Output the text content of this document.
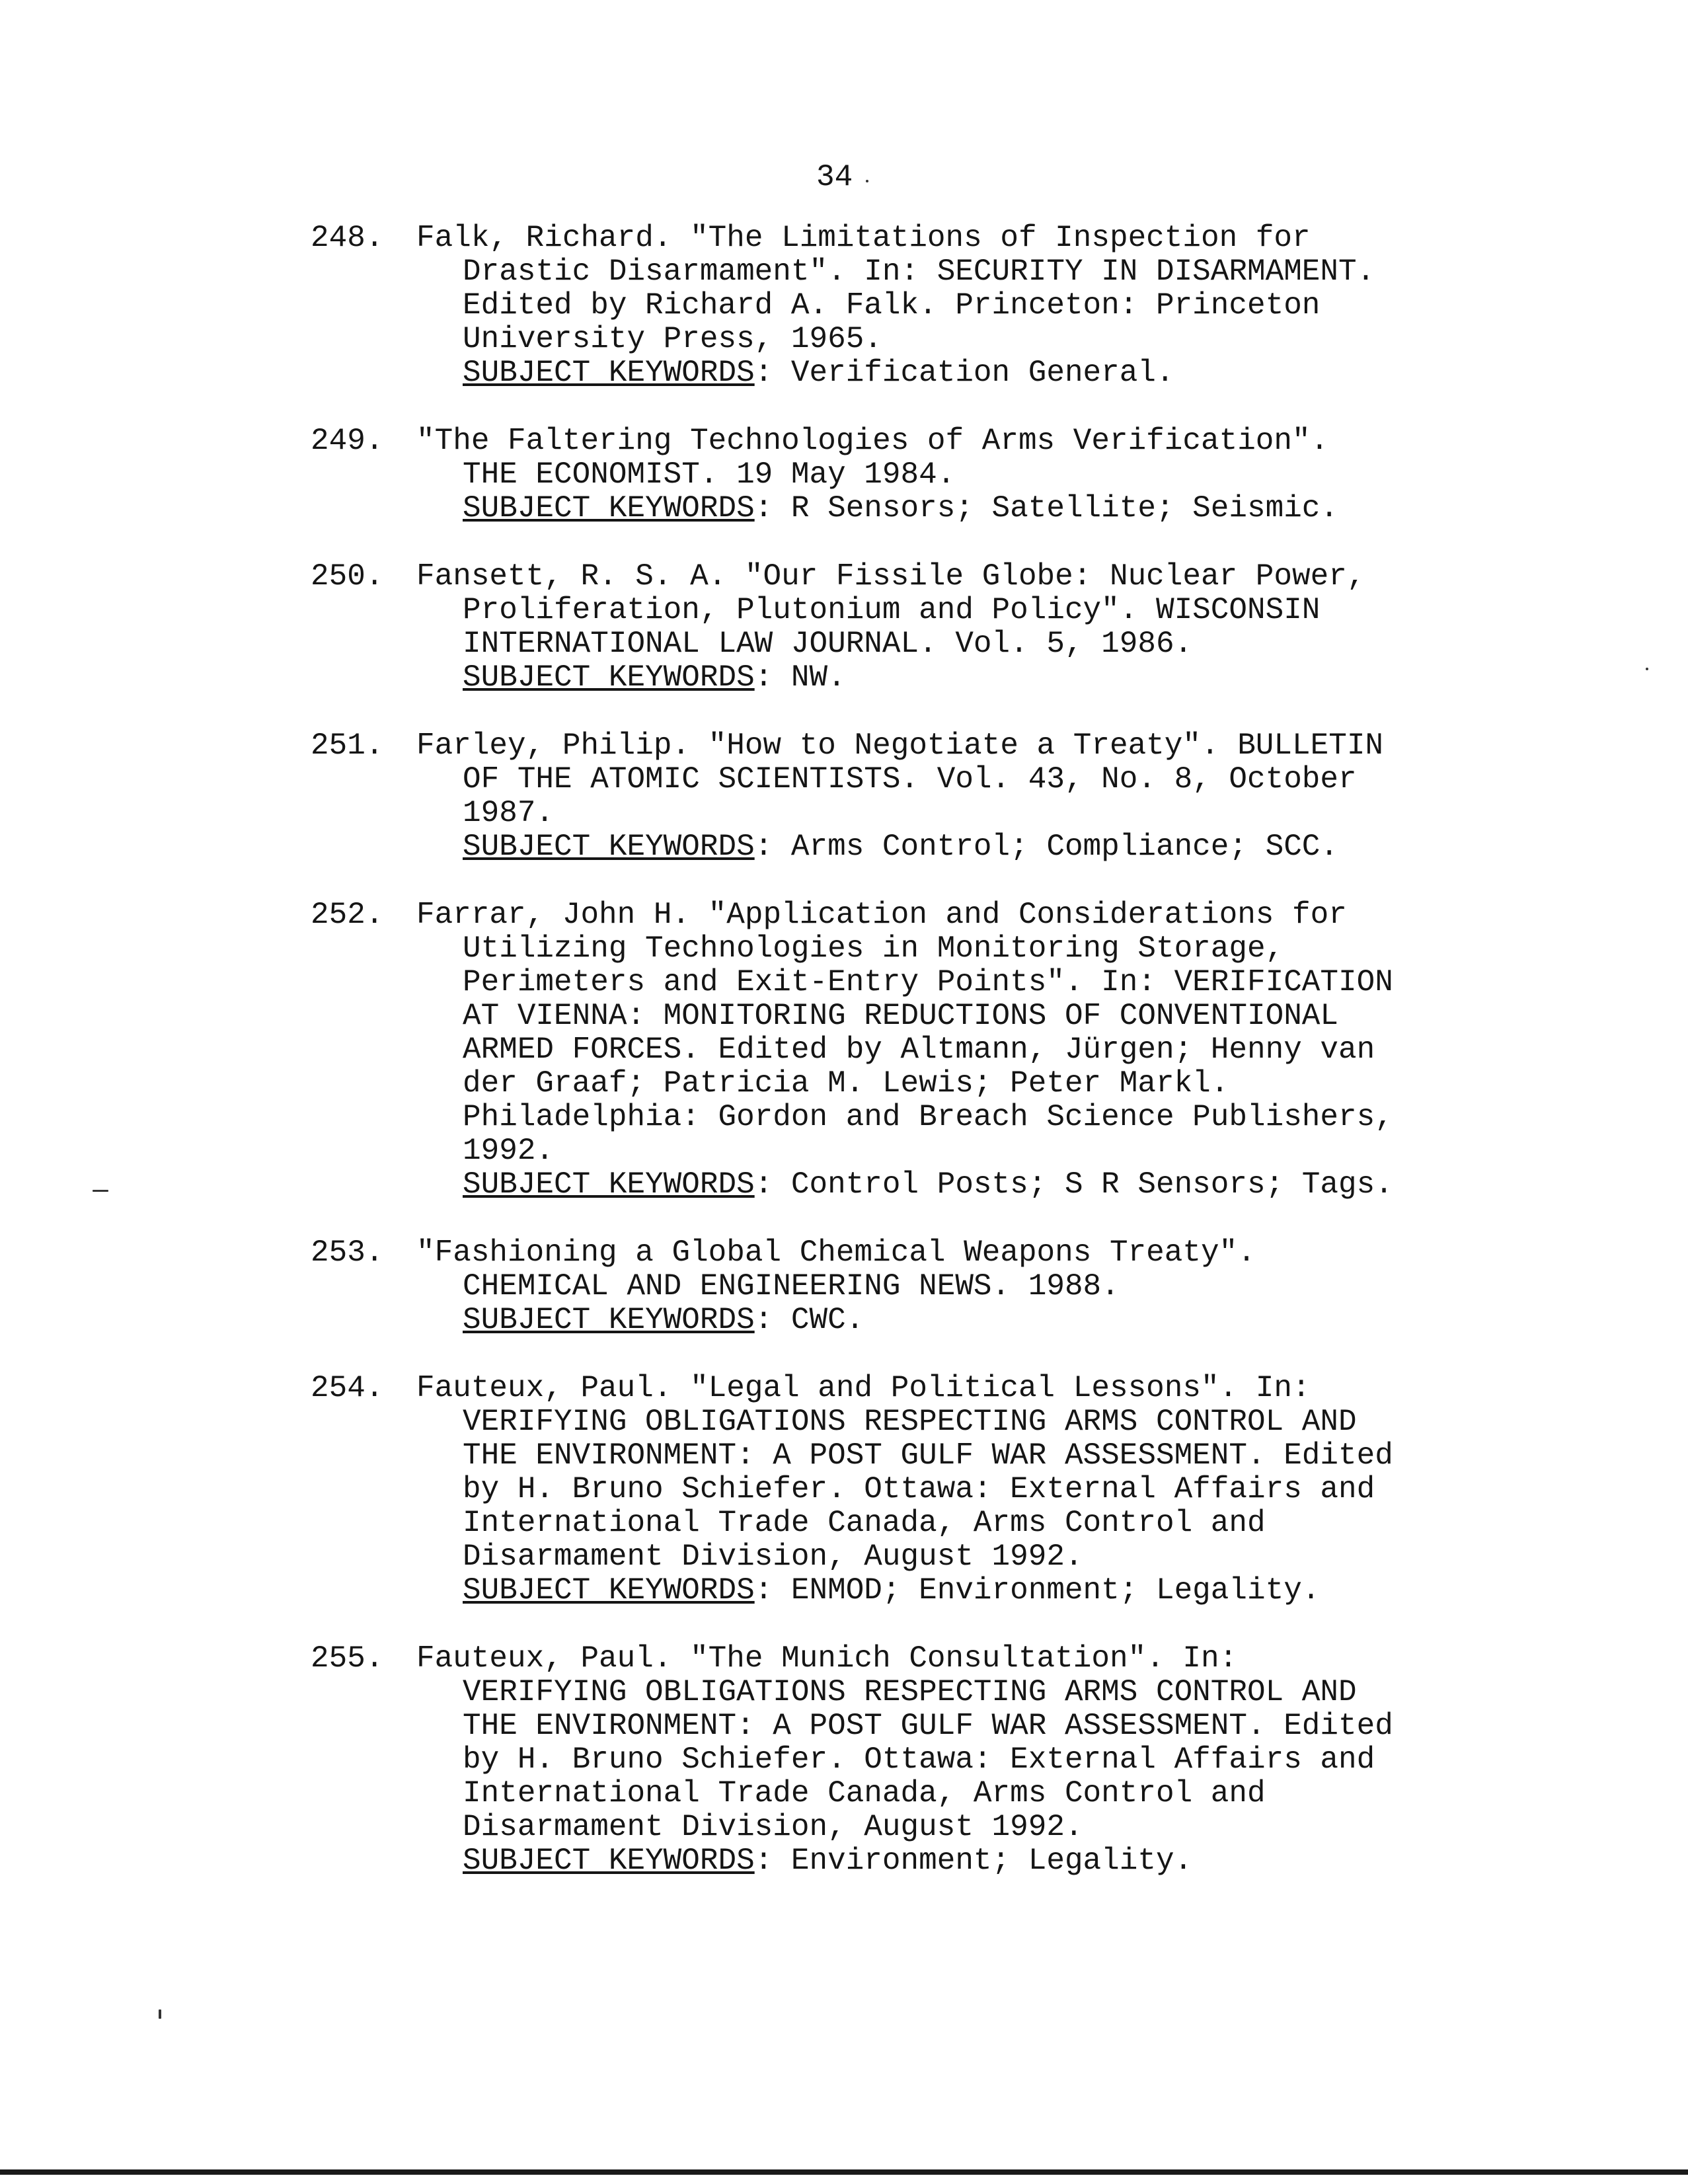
34
248. Falk, Richard. "The Limitations of Inspection for
Drastic Disarmament". In: SECURITY IN DISARMAMENT.
Edited by Richard A. Falk. Princeton: Princeton
University Press, 1965.
SUBJECT KEYWORDS: Verification General.
249. "The Faltering Technologies of Arms Verification".
THE ECONOMIST. 19 May 1984.
SUBJECT KEYWORDS: R Sensors; Satellite; Seismic.
250. Fansett, R. S. A. "Our Fissile Globe: Nuclear Power,
Proliferation, Plutonium and Policy". WISCONSIN
INTERNATIONAL LAW JOURNAL. Vol. 5, 1986.
SUBJECT KEYWORDS: NW.
251. Farley, Philip. "How to Negotiate a Treaty". BULLETIN
OF THE ATOMIC SCIENTISTS. Vol. 43, No. 8, October
1987.
SUBJECT KEYWORDS: Arms Control; Compliance; SCC.
252. Farrar, John H. "Application and Considerations for
Utilizing Technologies in Monitoring Storage,
Perimeters and Exit-Entry Points". In: VERIFICATION
AT VIENNA: MONITORING REDUCTIONS OF CONVENTIONAL
ARMED FORCES. Edited by Altmann, Jürgen; Henny van
der Graaf; Patricia M. Lewis; Peter Markl.
Philadelphia: Gordon and Breach Science Publishers,
1992.
SUBJECT KEYWORDS: Control Posts; S R Sensors; Tags.
253. "Fashioning a Global Chemical Weapons Treaty".
CHEMICAL AND ENGINEERING NEWS. 1988.
SUBJECT KEYWORDS: CWC.
254. Fauteux, Paul. "Legal and Political Lessons". In:
VERIFYING OBLIGATIONS RESPECTING ARMS CONTROL AND
THE ENVIRONMENT: A POST GULF WAR ASSESSMENT. Edited
by H. Bruno Schiefer. Ottawa: External Affairs and
International Trade Canada, Arms Control and
Disarmament Division, August 1992.
SUBJECT KEYWORDS: ENMOD; Environment; Legality.
255. Fauteux, Paul. "The Munich Consultation". In:
VERIFYING OBLIGATIONS RESPECTING ARMS CONTROL AND
THE ENVIRONMENT: A POST GULF WAR ASSESSMENT. Edited
by H. Bruno Schiefer. Ottawa: External Affairs and
International Trade Canada, Arms Control and
Disarmament Division, August 1992.
SUBJECT KEYWORDS: Environment; Legality.
